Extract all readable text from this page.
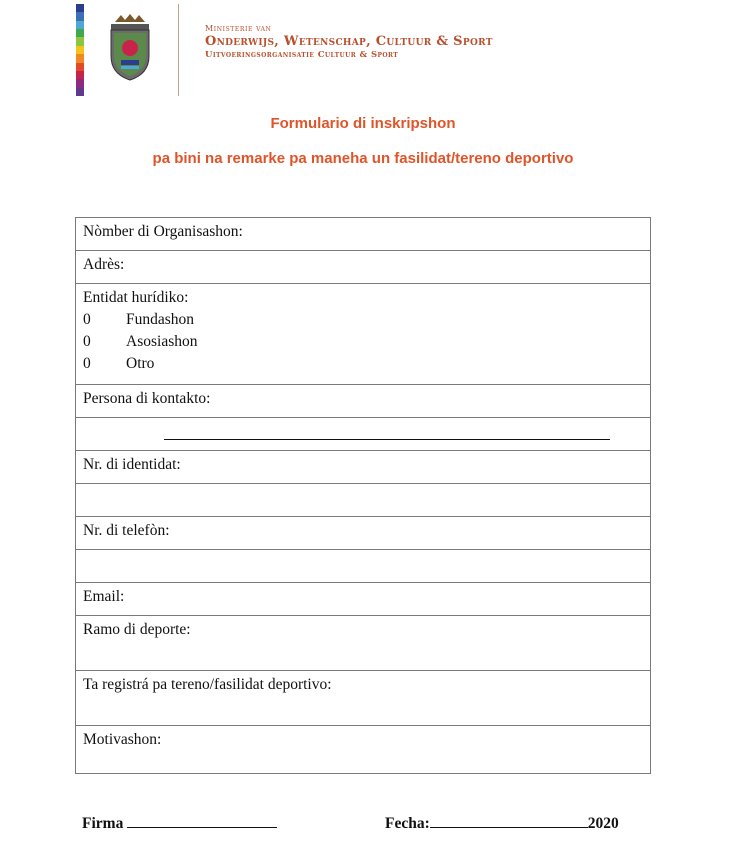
Ministerie van
Onderwijs, Wetenschap, Cultuur & Sport
Uitvoeringsorganisatie Cultuur & Sport
Formulario di inskripshon
pa bini na remarke pa maneha un fasilidat/tereno deportivo
Nòmber di Organisashon:
Adrès:
Entidat hurídiko:
0 Fundashon
0 Asosiashon
0 Otro
Persona di kontakto:
Nr. di identidat:
Nr. di telefòn:
Email:
Ramo di deporte:
Ta registrá pa tereno/fasilidat deportivo:
Motivashon:
Firma	Fecha:	2020
